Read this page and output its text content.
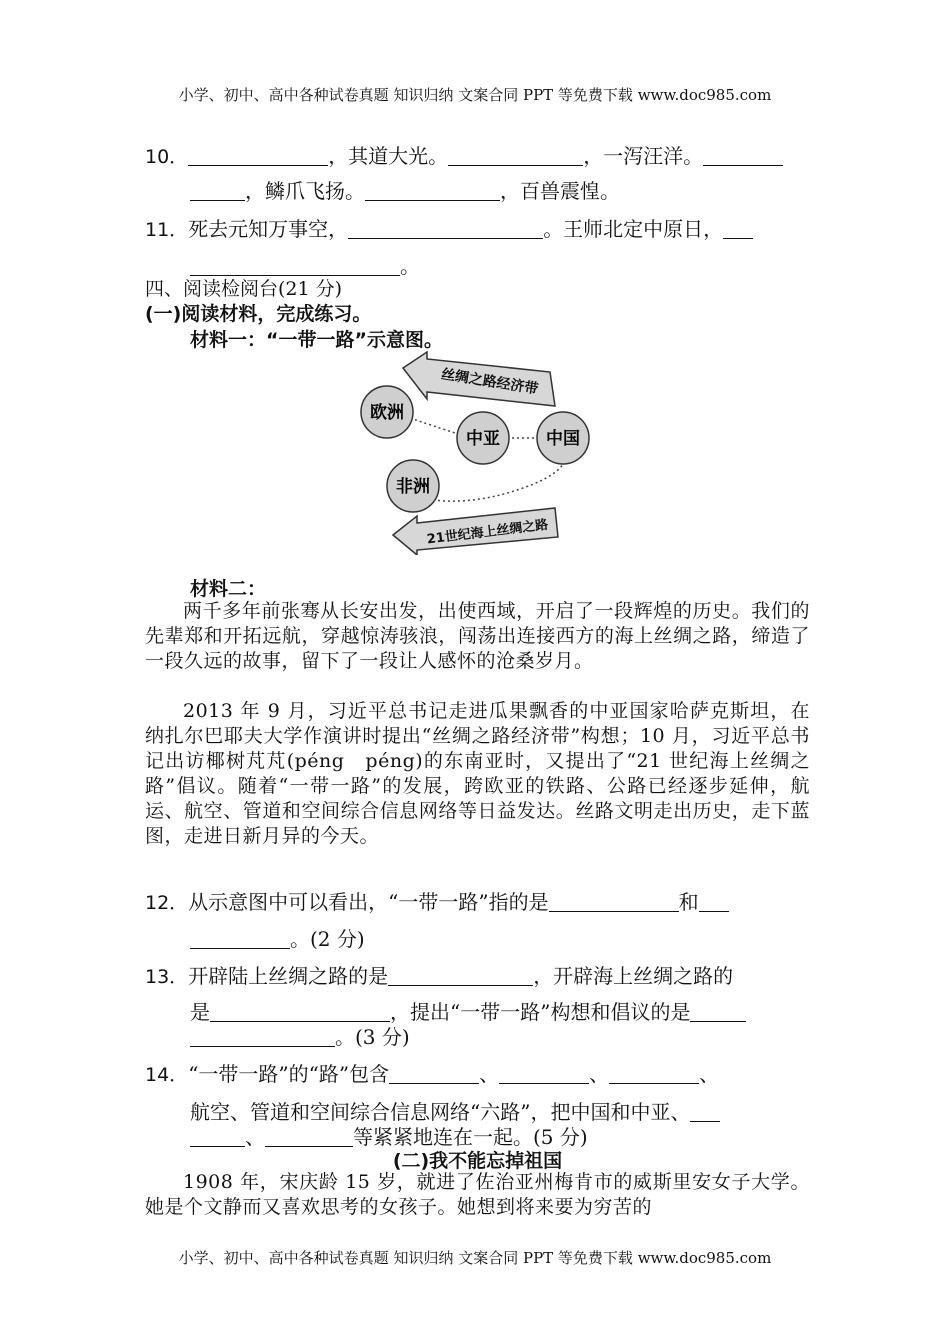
小学、初中、高中各种试卷真题 知识归纳 文案合同 PPT 等免费下载 www.doc985.com
10．	，其道大光。	，一泻汪洋。
，鳞爪飞扬。	，百兽震惶。
11．死去元知万事空，	。王师北定中原日，
。
四、阅读检阅台(21 分)
(一)阅读材料，完成练习。
材料一：“一带一路”示意图。
丝绸之路经济带
21世纪海上丝绸之路
欧洲
中亚	中国
非洲
材料二：
两千多年前张骞从长安出发，出使西域，开启了一段辉煌的历史。我们的先辈郑和开拓远航，穿越惊涛骇浪，闯荡出连接西方的海上丝绸之路，缔造了一段久远的故事，留下了一段让人感怀的沧桑岁月。
2013 年 9 月，习近平总书记走进瓜果飘香的中亚国家哈萨克斯坦，在纳扎尔巴耶夫大学作演讲时提出“丝绸之路经济带”构想；10 月，习近平总书记出访椰树芃芃(péng　péng)的东南亚时，又提出了“21 世纪海上丝绸之路”倡议。随着“一带一路”的发展，跨欧亚的铁路、公路已经逐步延伸，航运、航空、管道和空间综合信息网络等日益发达。丝路文明走出历史，走下蓝图，走进日新月异的今天。
12．从示意图中可以看出，“一带一路”指的是	和
。(2 分)
13．开辟陆上丝绸之路的是	，开辟海上丝绸之路的
是	，提出“一带一路”构想和倡议的是
。(3 分)
14．“一带一路”的“路”包含	、	、	、
航空、管道和空间综合信息网络“六路”，把中国和中亚、
、	等紧紧地连在一起。(5 分)
(二)我不能忘掉祖国
1908 年，宋庆龄 15 岁，就进了佐治亚州梅肯市的威斯里安女子大学。她是个文静而又喜欢思考的女孩子。她想到将来要为穷苦的
小学、初中、高中各种试卷真题 知识归纳 文案合同 PPT 等免费下载 www.doc985.com
